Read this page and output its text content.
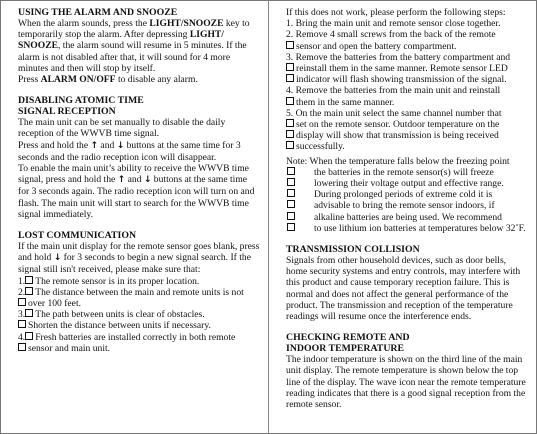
USING THE ALARM AND SNOOZE

When the alarm sounds, press the LIGHT/SNOOZE key to temporarily stop the alarm. After depressing LIGHT/ SNOOZE, the alarm sound will resume in 5 minutes. If the alarm is not disabled after that, it will sound for 4 more minutes and then will stop by itself.

Press ALARM ON/OFF to disable any alarm.

DISABLING ATOMIC TIME
SIGNAL RECEPTION

The main unit can be set manually to disable the daily reception of the WWVB time signal.

Press and hold the ↑ and ↓ buttons at the same time for 3 seconds and the radio reception icon will disappear.

To enable the main unit’s ability to receive the WWVB time signal, press and hold the ↑ and ↓ buttons at the same time for 3 seconds again. The radio reception icon will turn on and flash. The main unit will start to search for the WWVB time signal immediately.

LOST COMMUNICATION

If the main unit display for the remote sensor goes blank, press and hold ↓ for 3 seconds to begin a new signal search. If the signal still isn't received, please make sure that:

1. The remote sensor is in its proper location.
2. The distance between the main and remote units is not
over 100 feet.
3. The path between units is clear of obstacles.
Shorten the distance between units if necessary.
4. Fresh batteries are installed correctly in both remote
sensor and main unit.

If this does not work, please perform the following steps:

1. Bring the main unit and remote sensor close together.
2. Remove 4 small screws from the back of the remote
sensor and open the battery compartment.
3. Remove the batteries from the battery compartment and
reinstall them in the same manner. Remote sensor LED
indicator will flash showing transmission of the signal.
4. Remove the batteries from the main unit and reinstall
them in the same manner.
5. On the main unit select the same channel number that
set on the remote sensor. Outdoor temperature on the
display will show that transmission is being received
successfully.

Note: When the temperature falls below the freezing point

the batteries in the remote sensor(s) will freeze
lowering their voltage output and effective range.
During prolonged periods of extreme cold it is
advisable to bring the remote sensor indoors, if
alkaline batteries are being used. We recommend
to use lithium ion batteries at temperatures below 32˚F.
TRANSMISSION COLLISION

Signals from other household devices, such as door bells, home security systems and entry controls, may interfere with this product and cause temporary reception failure. This is normal and does not affect the general performance of the product. The transmission and reception of the temperature readings will resume once the interference ends.

CHECKING REMOTE AND
INDOOR TEMPERATURE

The indoor temperature is shown on the third line of the main unit display. The remote temperature is shown below the top line of the display. The wave icon near the remote temperature reading indicates that there is a good signal reception from the remote sensor.
